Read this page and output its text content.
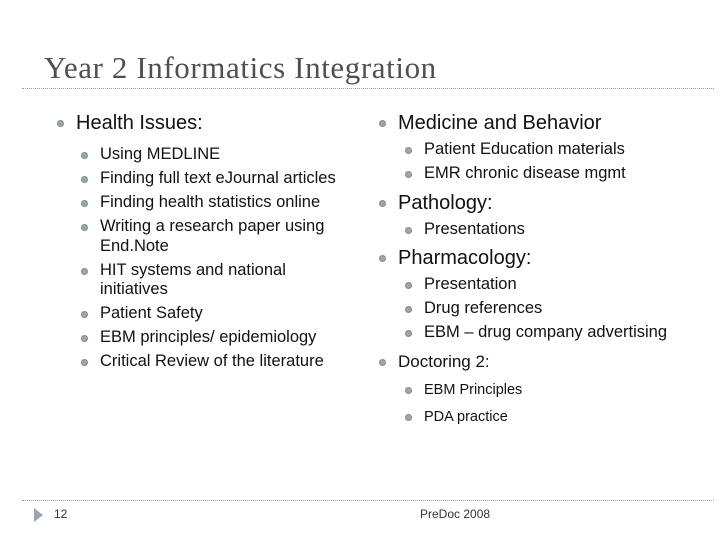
Year 2 Informatics Integration
Health Issues:
Using MEDLINE
Finding full text eJournal articles
Finding health statistics online
Writing a research paper using End.Note
HIT systems and national initiatives
Patient Safety
EBM principles/ epidemiology
Critical Review of the literature
Medicine and Behavior
Patient Education materials
EMR chronic disease mgmt
Pathology:
Presentations
Pharmacology:
Presentation
Drug references
EBM – drug company advertising
Doctoring 2:
EBM Principles
PDA practice
12	PreDoc 2008
